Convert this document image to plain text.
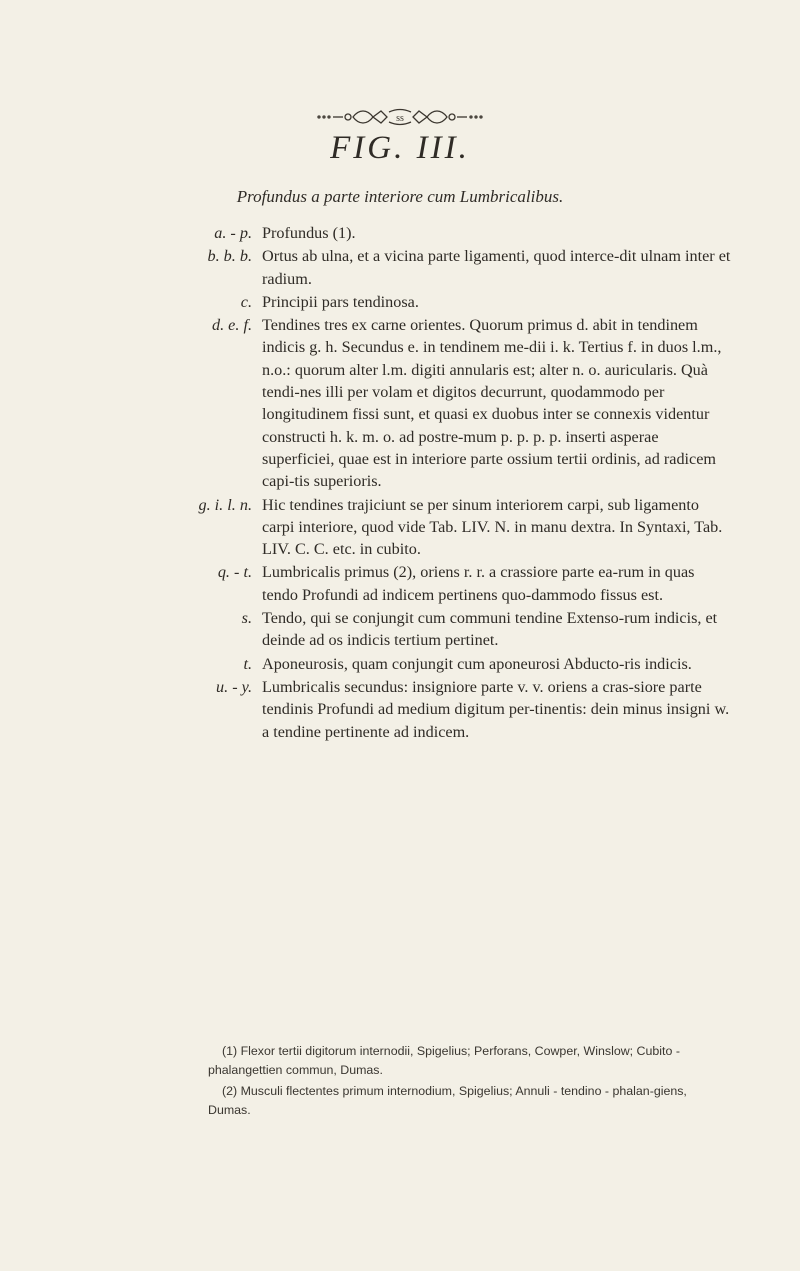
ss
FIG. III.
Profundus a parte interiore cum Lumbricalibus.
a. - p. Profundus (1).
b. b. b. Ortus ab ulna, et a vicina parte ligamenti, quod interce-dit ulnam inter et radium.
c. Principii pars tendinosa.
d. e. f. Tendines tres ex carne orientes. Quorum primus d. abit in tendinem indicis g. h. Secundus e. in tendinem me-dii i. k. Tertius f. in duos l.m., n.o.: quorum alter l.m. digiti annularis est; alter n. o. auricularis. Quà tendi-nes illi per volam et digitos decurrunt, quodammodo per longitudinem fissi sunt, et quasi ex duobus inter se connexis videntur constructi h. k. m. o. ad postre-mum p. p. p. p. inserti asperae superficiei, quae est in interiore parte ossium tertii ordinis, ad radicem capi-tis superioris.
g. i. l. n. Hic tendines trajiciunt se per sinum interiorem carpi, sub ligamento carpi interiore, quod vide Tab. LIV. N. in manu dextra. In Syntaxi, Tab. LIV. C. C. etc. in cubito.
q. - t. Lumbricalis primus (2), oriens r. r. a crassiore parte ea-rum in quas tendo Profundi ad indicem pertinens quo-dammodo fissus est.
s. Tendo, qui se conjungit cum communi tendine Extenso-rum indicis, et deinde ad os indicis tertium pertinet.
t. Aponeurosis, quam conjungit cum aponeurosi Abducto-ris indicis.
u. - y. Lumbricalis secundus: insigniore parte v. v. oriens a cras-siore parte tendinis Profundi ad medium digitum per-tinentis: dein minus insigni w. a tendine pertinente ad indicem.
(1) Flexor tertii digitorum internodii, Spigelius; Perforans, Cowper, Winslow; Cubito - phalangettien commun, Dumas.
(2) Musculi flectentes primum internodium, Spigelius; Annuli - tendino - phalan-giens, Dumas.
